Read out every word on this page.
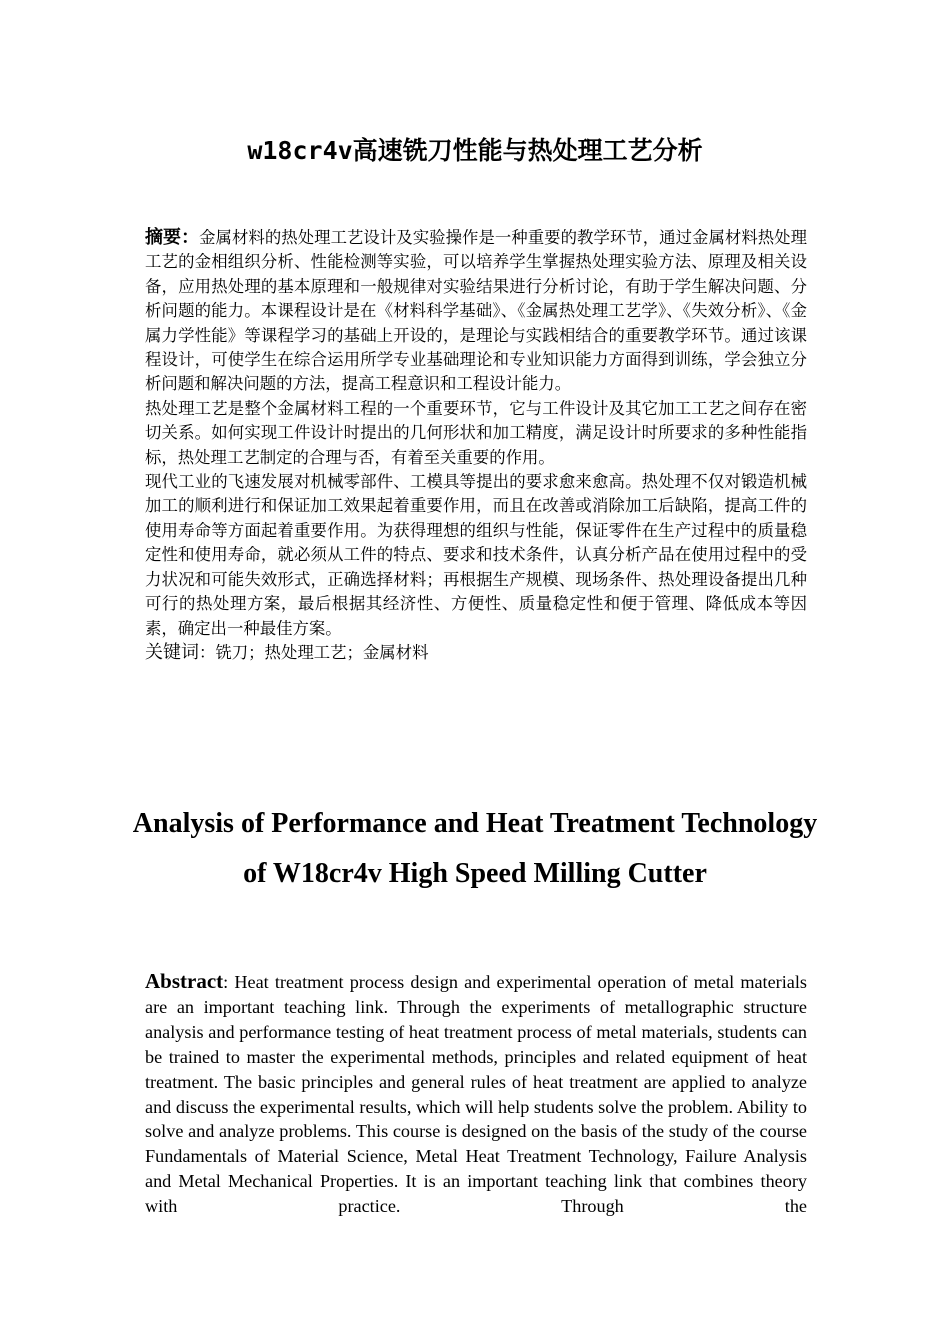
w18cr4v高速铣刀性能与热处理工艺分析

摘要：金属材料的热处理工艺设计及实验操作是一种重要的教学环节，通过金属材料热处理工艺的金相组织分析、性能检测等实验，可以培养学生掌握热处理实验方法、原理及相关设备，应用热处理的基本原理和一般规律对实验结果进行分析讨论，有助于学生解决问题、分析问题的能力。本课程设计是在《材料科学基础》、《金属热处理工艺学》、《失效分析》、《金属力学性能》等课程学习的基础上开设的，是理论与实践相结合的重要教学环节。通过该课程设计，可使学生在综合运用所学专业基础理论和专业知识能力方面得到训练，学会独立分析问题和解决问题的方法，提高工程意识和工程设计能力。

热处理工艺是整个金属材料工程的一个重要环节，它与工件设计及其它加工工艺之间存在密切关系。如何实现工件设计时提出的几何形状和加工精度，满足设计时所要求的多种性能指标，热处理工艺制定的合理与否，有着至关重要的作用。

现代工业的飞速发展对机械零部件、工模具等提出的要求愈来愈高。热处理不仅对锻造机械加工的顺利进行和保证加工效果起着重要作用，而且在改善或消除加工后缺陷，提高工件的使用寿命等方面起着重要作用。为获得理想的组织与性能，保证零件在生产过程中的质量稳定性和使用寿命，就必须从工件的特点、要求和技术条件，认真分析产品在使用过程中的受力状况和可能失效形式，正确选择材料；再根据生产规模、现场条件、热处理设备提出几种可行的热处理方案，最后根据其经济性、方便性、质量稳定性和便于管理、降低成本等因素，确定出一种最佳方案。

关键词：铣刀；热处理工艺；金属材料

Analysis of Performance and Heat Treatment Technology
of W18cr4v High Speed Milling Cutter

Abstract: Heat treatment process design and experimental operation of metal materials are an important teaching link. Through the experiments of metallographic structure analysis and performance testing of heat treatment process of metal materials, students can be trained to master the experimental methods, principles and related equipment of heat treatment. The basic principles and general rules of heat treatment are applied to analyze and discuss the experimental results, which will help students solve the problem. Ability to solve and analyze problems. This course is designed on the basis of the study of the course Fundamentals of Material Science, Metal Heat Treatment Technology, Failure Analysis and Metal Mechanical Properties. It is an important teaching link that combines theory with practice. Through the
